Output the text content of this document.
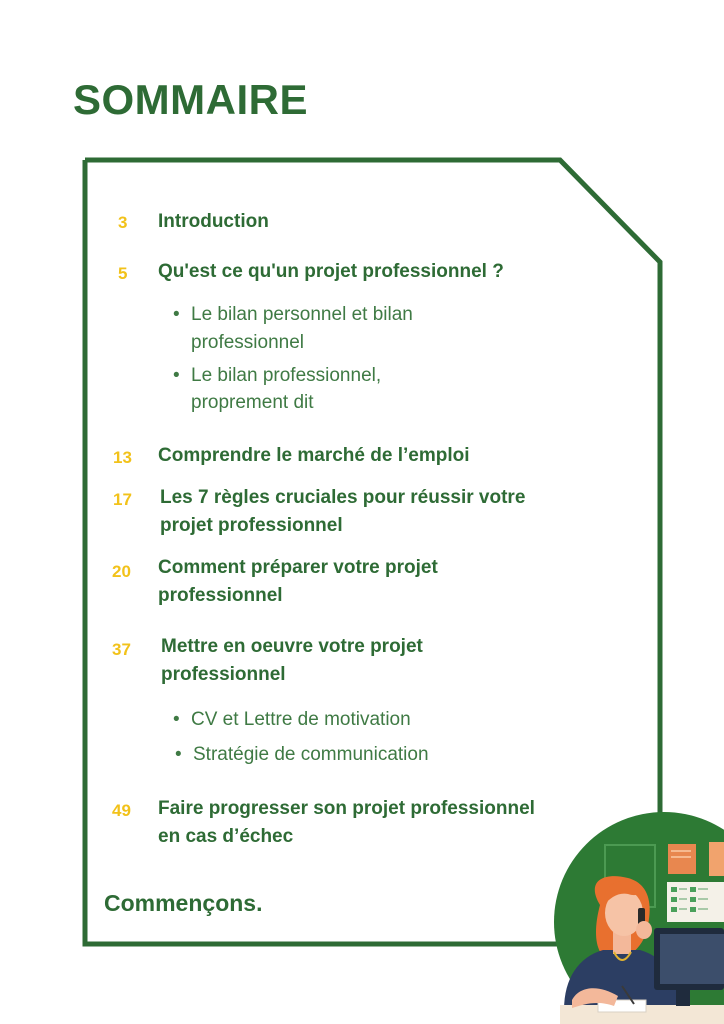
SOMMAIRE
3 Introduction
5 Qu'est ce qu'un projet professionnel ?
• Le bilan personnel et bilan
professionnel
• Le bilan professionnel,
proprement dit
13 Comprendre le marché de l’emploi
17 Les 7 règles cruciales pour réussir votre
projet professionnel
20 Comment préparer votre projet
professionnel
37 Mettre en oeuvre votre projet
professionnel
• CV et Lettre de motivation
• Stratégie de communication
49 Faire progresser son projet professionnel
en cas d’échec
Commençons.
